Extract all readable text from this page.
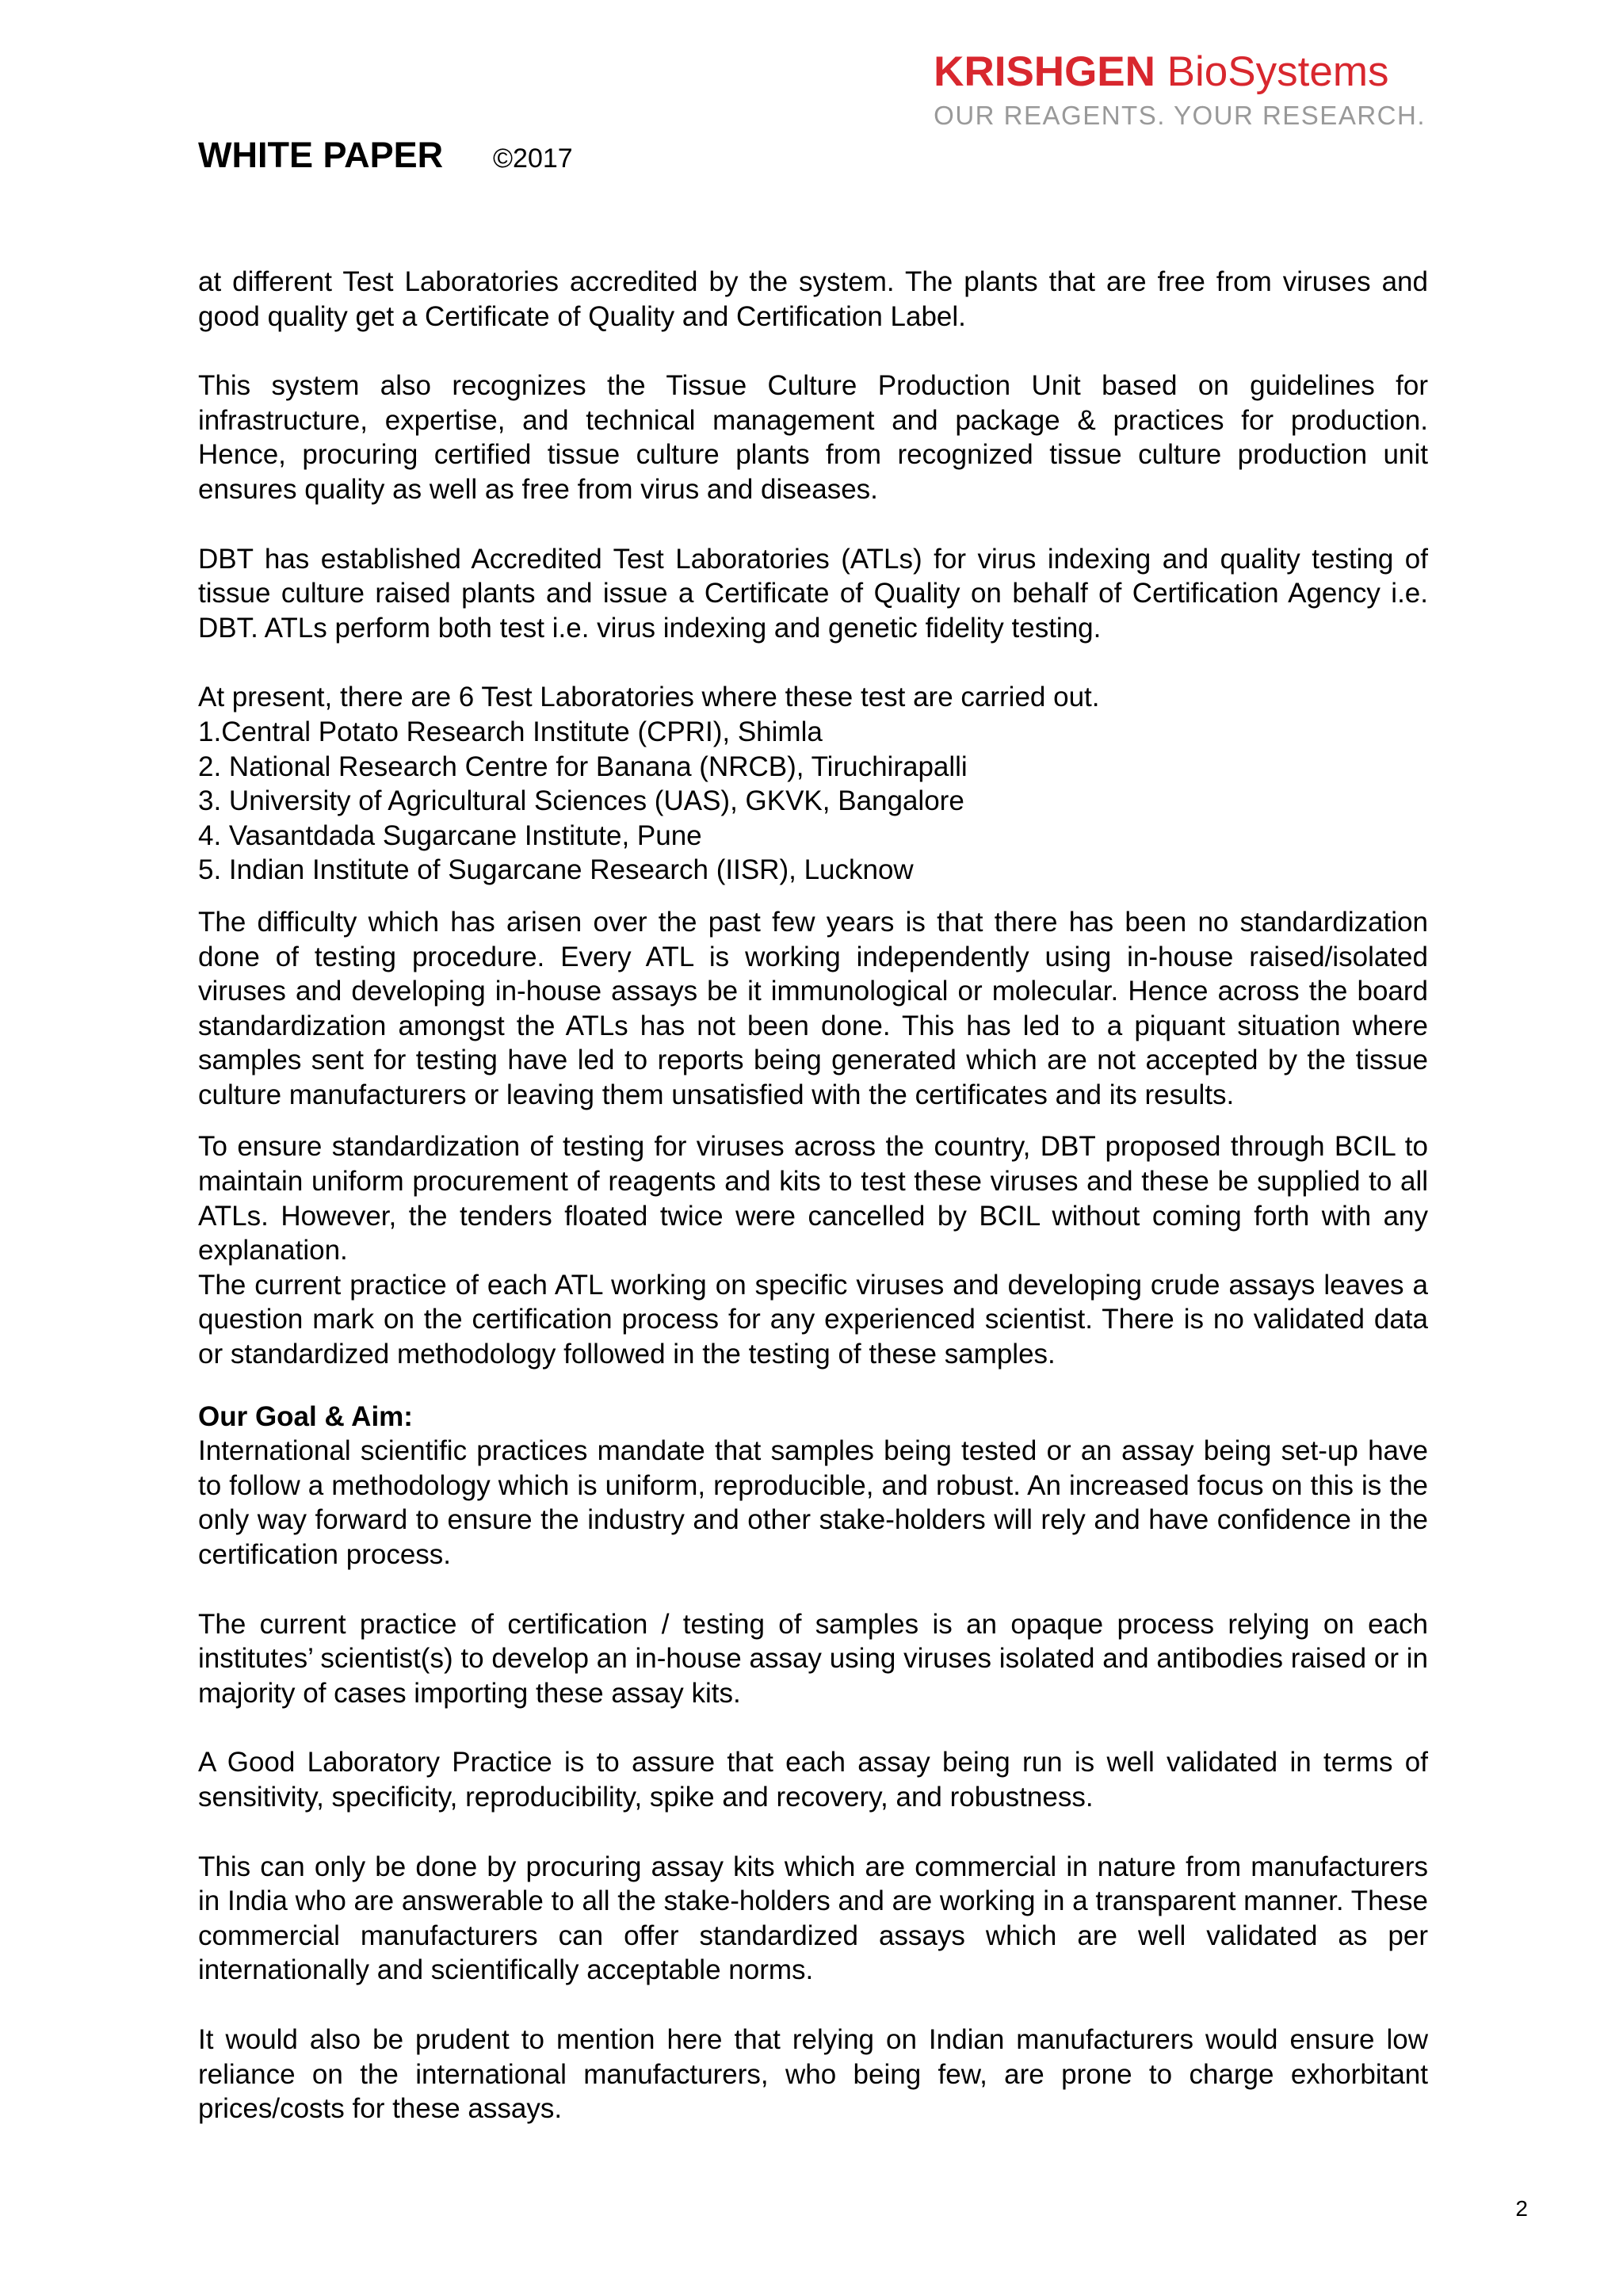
KRISHGEN BioSystems
OUR REAGENTS. YOUR RESEARCH.
WHITE PAPER ©2017

at different Test Laboratories accredited by the system. The plants that are free from viruses and good quality get a Certificate of Quality and Certification Label.

This system also recognizes the Tissue Culture Production Unit based on guidelines for infrastructure, expertise, and technical management and package & practices for production. Hence, procuring certified tissue culture plants from recognized tissue culture production unit ensures quality as well as free from virus and diseases.

DBT has established Accredited Test Laboratories (ATLs) for virus indexing and quality testing of tissue culture raised plants and issue a Certificate of Quality on behalf of Certification Agency i.e. DBT. ATLs perform both test i.e. virus indexing and genetic fidelity testing.

At present, there are 6 Test Laboratories where these test are carried out.

1.Central Potato Research Institute (CPRI), Shimla
2. National Research Centre for Banana (NRCB), Tiruchirapalli
3. University of Agricultural Sciences (UAS), GKVK, Bangalore
4. Vasantdada Sugarcane Institute, Pune
5. Indian Institute of Sugarcane Research (IISR), Lucknow

The difficulty which has arisen over the past few years is that there has been no standardization done of testing procedure. Every ATL is working independently using in-house raised/isolated viruses and developing in-house assays be it immunological or molecular. Hence across the board standardization amongst the ATLs has not been done. This has led to a piquant situation where samples sent for testing have led to reports being generated which are not accepted by the tissue culture manufacturers or leaving them unsatisfied with the certificates and its results.

To ensure standardization of testing for viruses across the country, DBT proposed through BCIL to maintain uniform procurement of reagents and kits to test these viruses and these be supplied to all ATLs. However, the tenders floated twice were cancelled by BCIL without coming forth with any explanation.

The current practice of each ATL working on specific viruses and developing crude assays leaves a question mark on the certification process for any experienced scientist. There is no validated data or standardized methodology followed in the testing of these samples.

Our Goal & Aim:

International scientific practices mandate that samples being tested or an assay being set-up have to follow a methodology which is uniform, reproducible, and robust. An increased focus on this is the only way forward to ensure the industry and other stake-holders will rely and have confidence in the certification process.

The current practice of certification / testing of samples is an opaque process relying on each institutes’ scientist(s) to develop an in-house assay using viruses isolated and antibodies raised or in majority of cases importing these assay kits.

A Good Laboratory Practice is to assure that each assay being run is well validated in terms of sensitivity, specificity, reproducibility, spike and recovery, and robustness.

This can only be done by procuring assay kits which are commercial in nature from manufacturers in India who are answerable to all the stake-holders and are working in a transparent manner. These commercial manufacturers can offer standardized assays which are well validated as per internationally and scientifically acceptable norms.

It would also be prudent to mention here that relying on Indian manufacturers would ensure low reliance on the international manufacturers, who being few, are prone to charge exhorbitant prices/costs for these assays.

2
